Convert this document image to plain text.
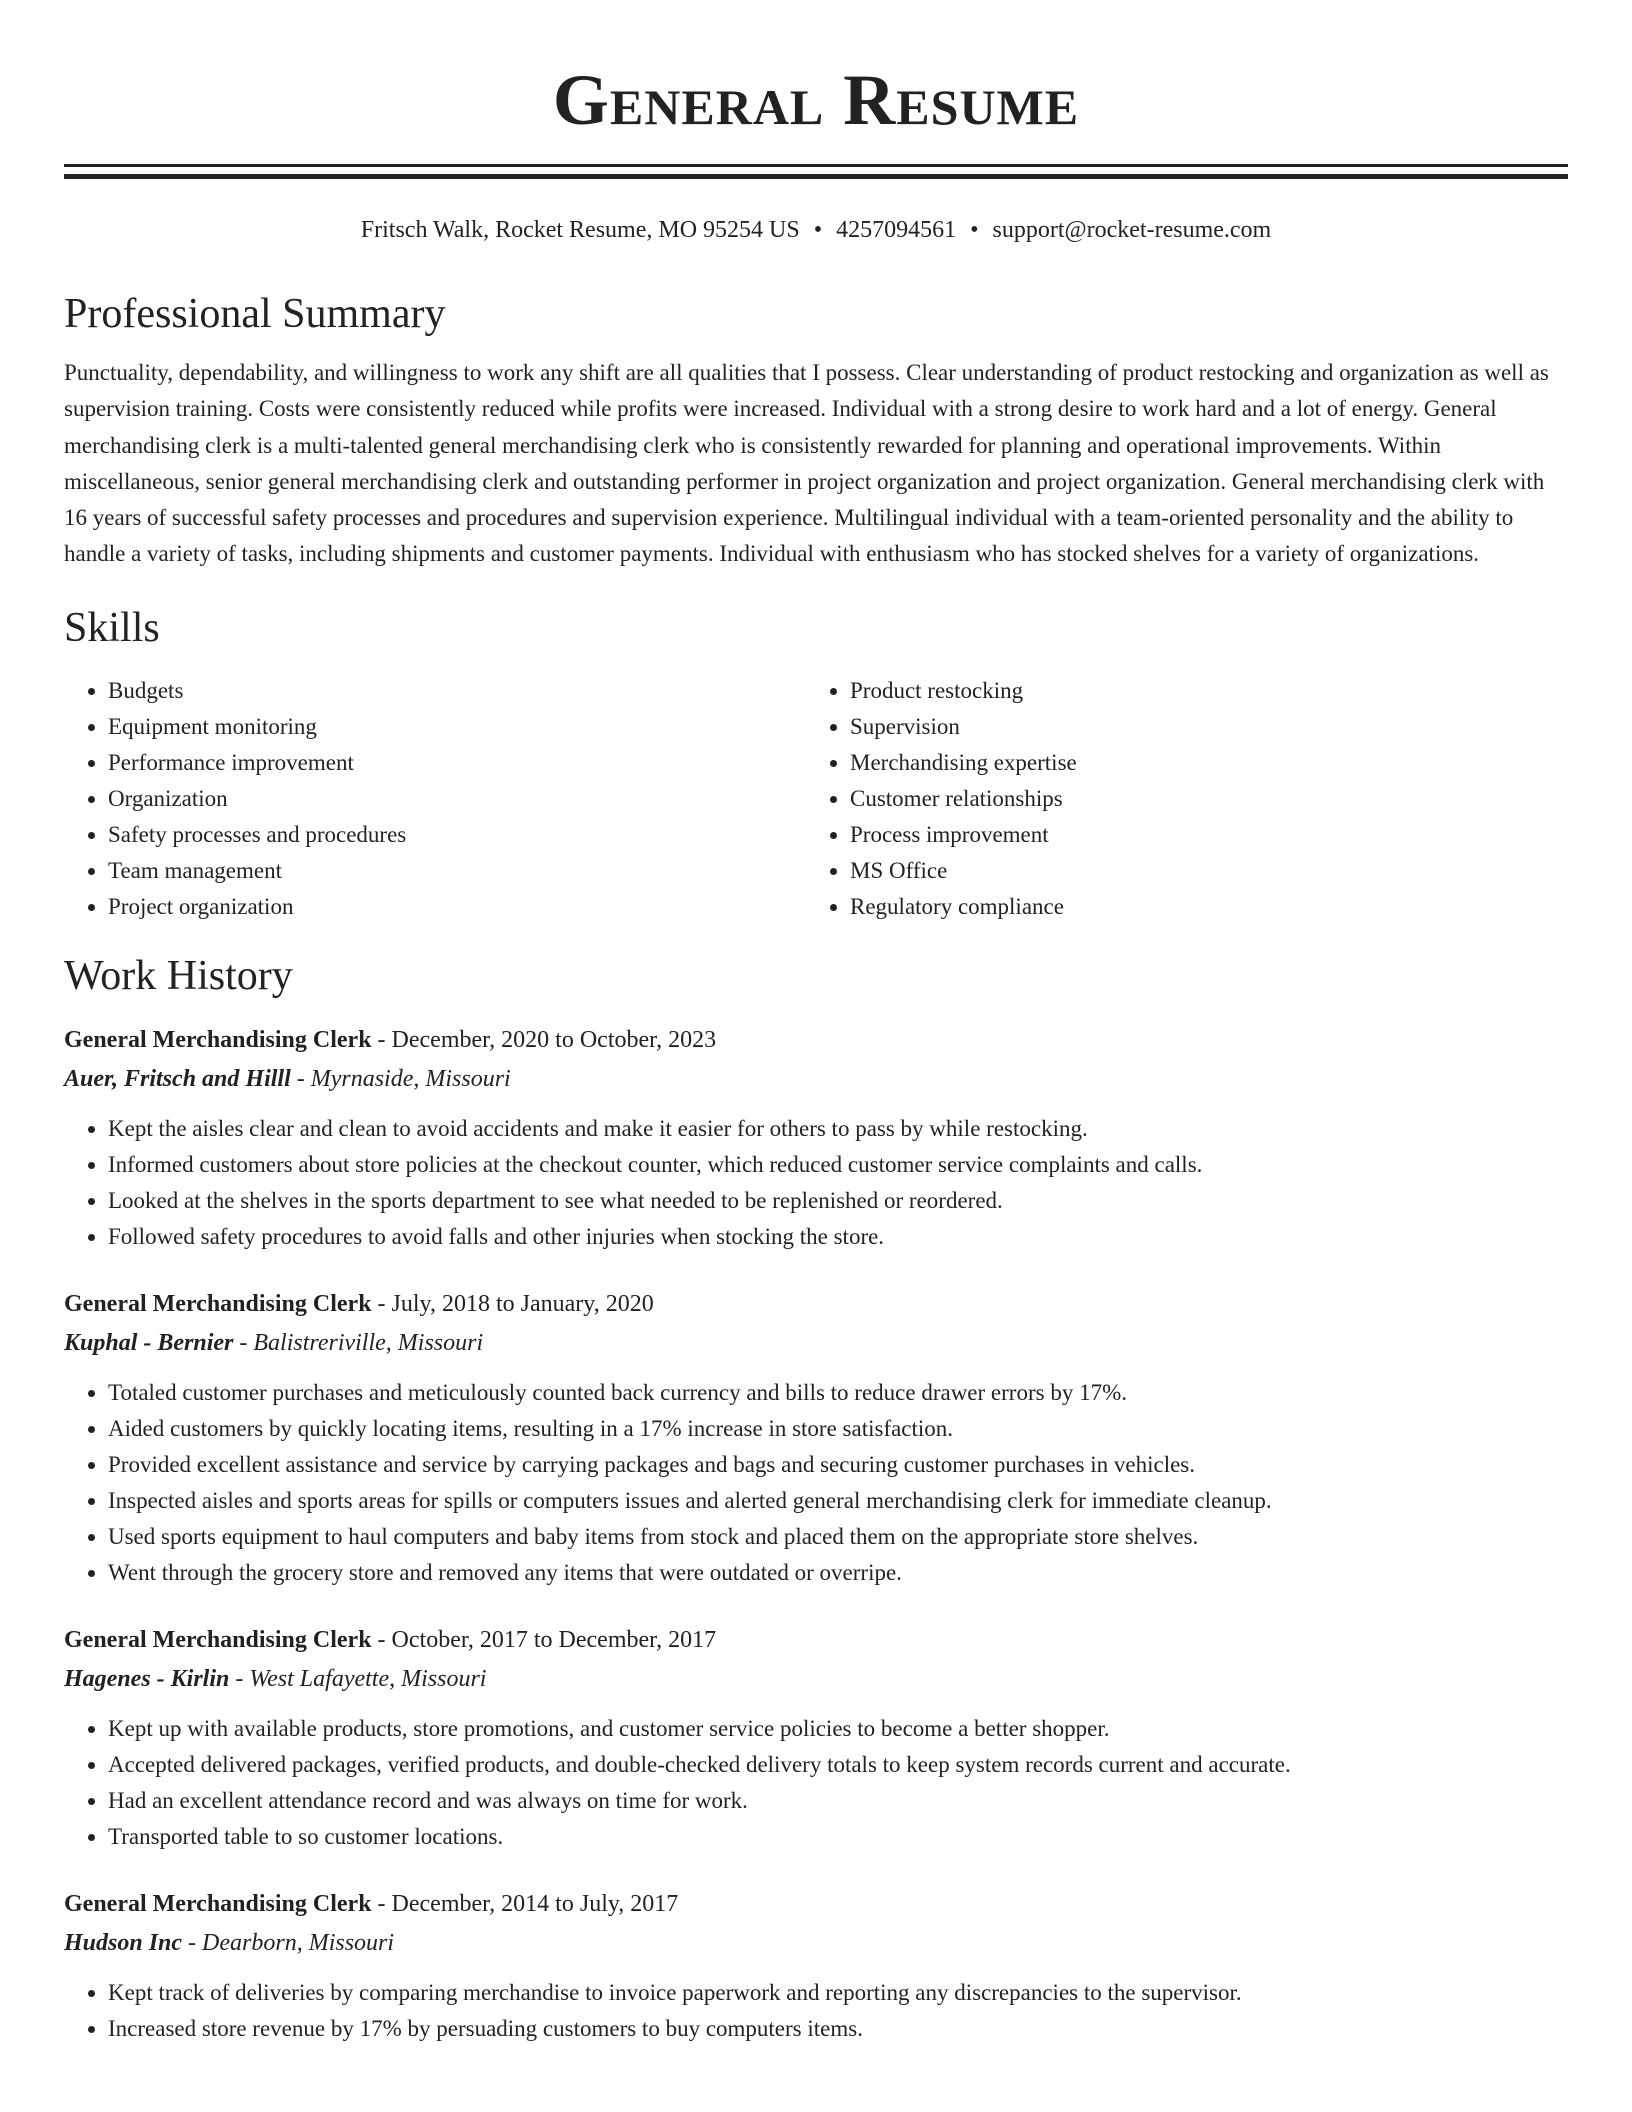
General Resume
Fritsch Walk, Rocket Resume, MO 95254 US • 4257094561 • support@rocket-resume.com
Professional Summary

Punctuality, dependability, and willingness to work any shift are all qualities that I possess. Clear understanding of product restocking and organization as well as supervision training. Costs were consistently reduced while profits were increased. Individual with a strong desire to work hard and a lot of energy. General merchandising clerk is a multi-talented general merchandising clerk who is consistently rewarded for planning and operational improvements. Within miscellaneous, senior general merchandising clerk and outstanding performer in project organization and project organization. General merchandising clerk with 16 years of successful safety processes and procedures and supervision experience. Multilingual individual with a team-oriented personality and the ability to handle a variety of tasks, including shipments and customer payments. Individual with enthusiasm who has stocked shelves for a variety of organizations.

Skills
• Budgets
• Equipment monitoring
• Performance improvement
• Organization
• Safety processes and procedures
• Team management
• Project organization
• Product restocking
• Supervision
• Merchandising expertise
• Customer relationships
• Process improvement
• MS Office
• Regulatory compliance
Work History
General Merchandising Clerk - December, 2020 to October, 2023
Auer, Fritsch and Hilll - Myrnaside, Missouri
• Kept the aisles clear and clean to avoid accidents and make it easier for others to pass by while restocking.
• Informed customers about store policies at the checkout counter, which reduced customer service complaints and calls.
• Looked at the shelves in the sports department to see what needed to be replenished or reordered.
• Followed safety procedures to avoid falls and other injuries when stocking the store.
General Merchandising Clerk - July, 2018 to January, 2020
Kuphal - Bernier - Balistreriville, Missouri
• Totaled customer purchases and meticulously counted back currency and bills to reduce drawer errors by 17%.
• Aided customers by quickly locating items, resulting in a 17% increase in store satisfaction.
• Provided excellent assistance and service by carrying packages and bags and securing customer purchases in vehicles.
• Inspected aisles and sports areas for spills or computers issues and alerted general merchandising clerk for immediate cleanup.
• Used sports equipment to haul computers and baby items from stock and placed them on the appropriate store shelves.
• Went through the grocery store and removed any items that were outdated or overripe.
General Merchandising Clerk - October, 2017 to December, 2017
Hagenes - Kirlin - West Lafayette, Missouri
• Kept up with available products, store promotions, and customer service policies to become a better shopper.
• Accepted delivered packages, verified products, and double-checked delivery totals to keep system records current and accurate.
• Had an excellent attendance record and was always on time for work.
• Transported table to so customer locations.
General Merchandising Clerk - December, 2014 to July, 2017
Hudson Inc - Dearborn, Missouri
• Kept track of deliveries by comparing merchandise to invoice paperwork and reporting any discrepancies to the supervisor.
• Increased store revenue by 17% by persuading customers to buy computers items.
